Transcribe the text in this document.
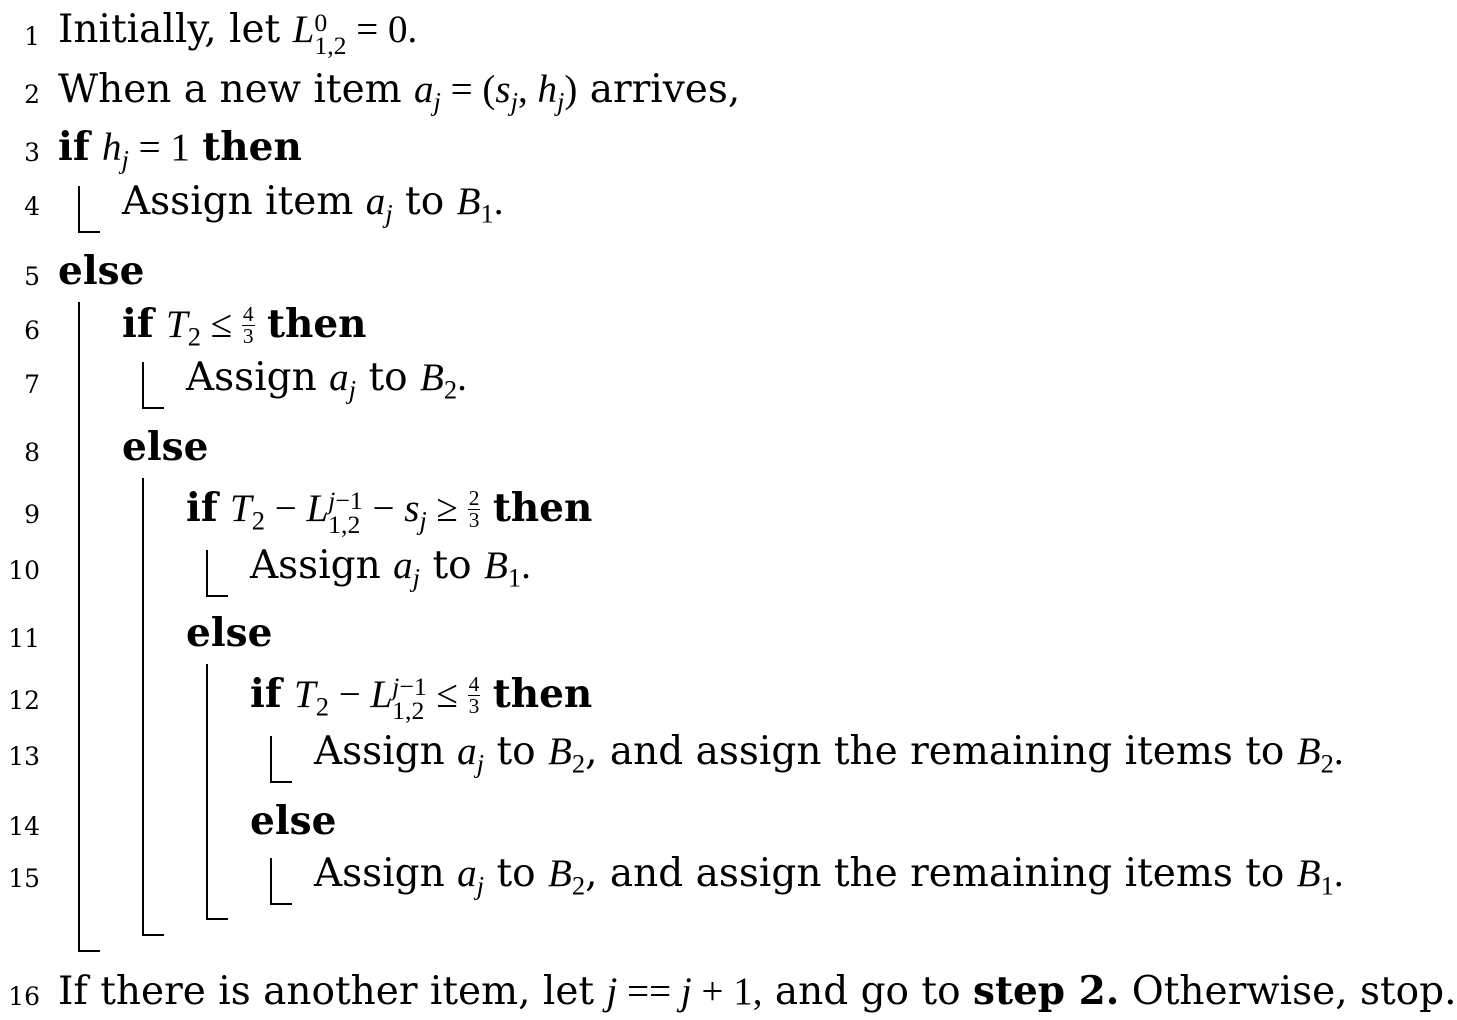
1 Initially, let L 0
1,2 = 0.
2 When a new item $a_j = (s_j$, $h_j$) arrives,
3 if $h_j = 1$ then
4 Assign item $a_j$ to $B_1$.
5 else
6 if $T_2 \le \frac{4}{3}$ then
7	Assign $a_j$ to $B_2$.
8 else
9	if $T_2 - L$ j−1
$1,2 - s_j \ge \frac{2}{3}$ then
10	Assign $a_j$ to $B_1$.
11	else
12	if $T_2 - L$ j−1
$1,2 \le \frac{4}{3}$ then
13	Assign $a_j$ to $B_2$, and assign the remaining items to $B_2$.
14	else
15	Assign $a_j$ to $B_2$, and assign the remaining items to $B_1$.
16 If there is another item, let j == j + 1, and go to step 2. Otherwise, stop.
